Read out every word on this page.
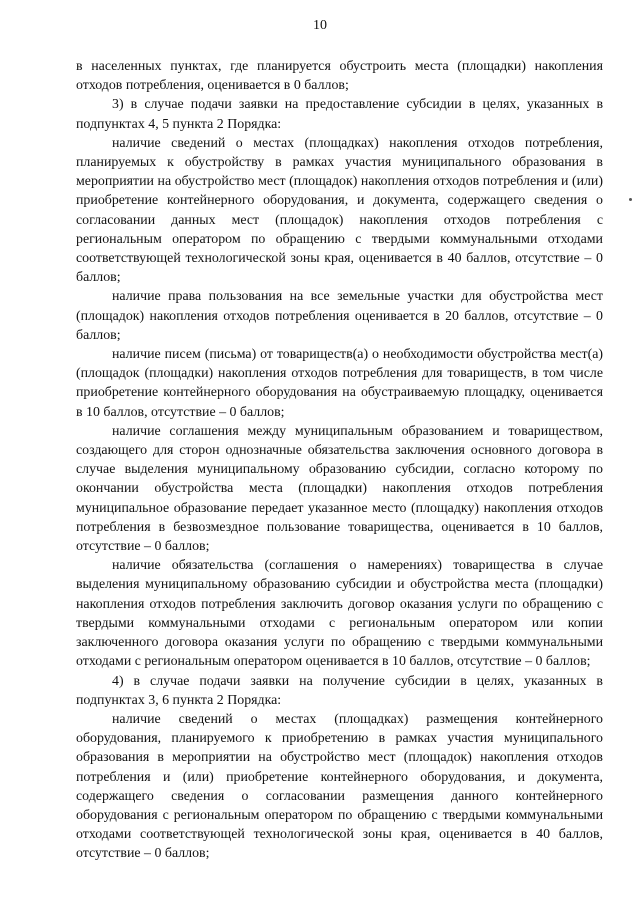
10

в населенных пунктах, где планируется обустроить места (площадки) накопления отходов потребления, оценивается в 0 баллов;

3) в случае подачи заявки на предоставление субсидии в целях, указанных в подпунктах 4, 5 пункта 2 Порядка:

наличие сведений о местах (площадках) накопления отходов потребления, планируемых к обустройству в рамках участия муниципального образования в мероприятии на обустройство мест (площадок) накопления отходов потребления и (или) приобретение контейнерного оборудования, и документа, содержащего сведения о согласовании данных мест (площадок) накопления отходов потребления с региональным оператором по обращению с твердыми коммунальными отходами соответствующей технологической зоны края, оценивается в 40 баллов, отсутствие – 0 баллов;

наличие права пользования на все земельные участки для обустройства мест (площадок) накопления отходов потребления оценивается в 20 баллов, отсутствие – 0 баллов;

наличие писем (письма) от товариществ(а) о необходимости обустройства мест(а) (площадок (площадки) накопления отходов потребления для товариществ, в том числе приобретение контейнерного оборудования на обустраиваемую площадку, оценивается в 10 баллов, отсутствие – 0 баллов;

наличие соглашения между муниципальным образованием и товариществом, создающего для сторон однозначные обязательства заключения основного договора в случае выделения муниципальному образованию субсидии, согласно которому по окончании обустройства места (площадки) накопления отходов потребления муниципальное образование передает указанное место (площадку) накопления отходов потребления в безвозмездное пользование товарищества, оценивается в 10 баллов, отсутствие – 0 баллов;

наличие обязательства (соглашения о намерениях) товарищества в случае выделения муниципальному образованию субсидии и обустройства места (площадки) накопления отходов потребления заключить договор оказания услуги по обращению с твердыми коммунальными отходами с региональным оператором или копии заключенного договора оказания услуги по обращению с твердыми коммунальными отходами с региональным оператором оценивается в 10 баллов, отсутствие – 0 баллов;

4) в случае подачи заявки на получение субсидии в целях, указанных в подпунктах 3, 6 пункта 2 Порядка:

наличие сведений о местах (площадках) размещения контейнерного оборудования, планируемого к приобретению в рамках участия муниципального образования в мероприятии на обустройство мест (площадок) накопления отходов потребления и (или) приобретение контейнерного оборудования, и документа, содержащего сведения о согласовании размещения данного контейнерного оборудования с региональным оператором по обращению с твердыми коммунальными отходами соответствующей технологической зоны края, оценивается в 40 баллов, отсутствие – 0 баллов;
